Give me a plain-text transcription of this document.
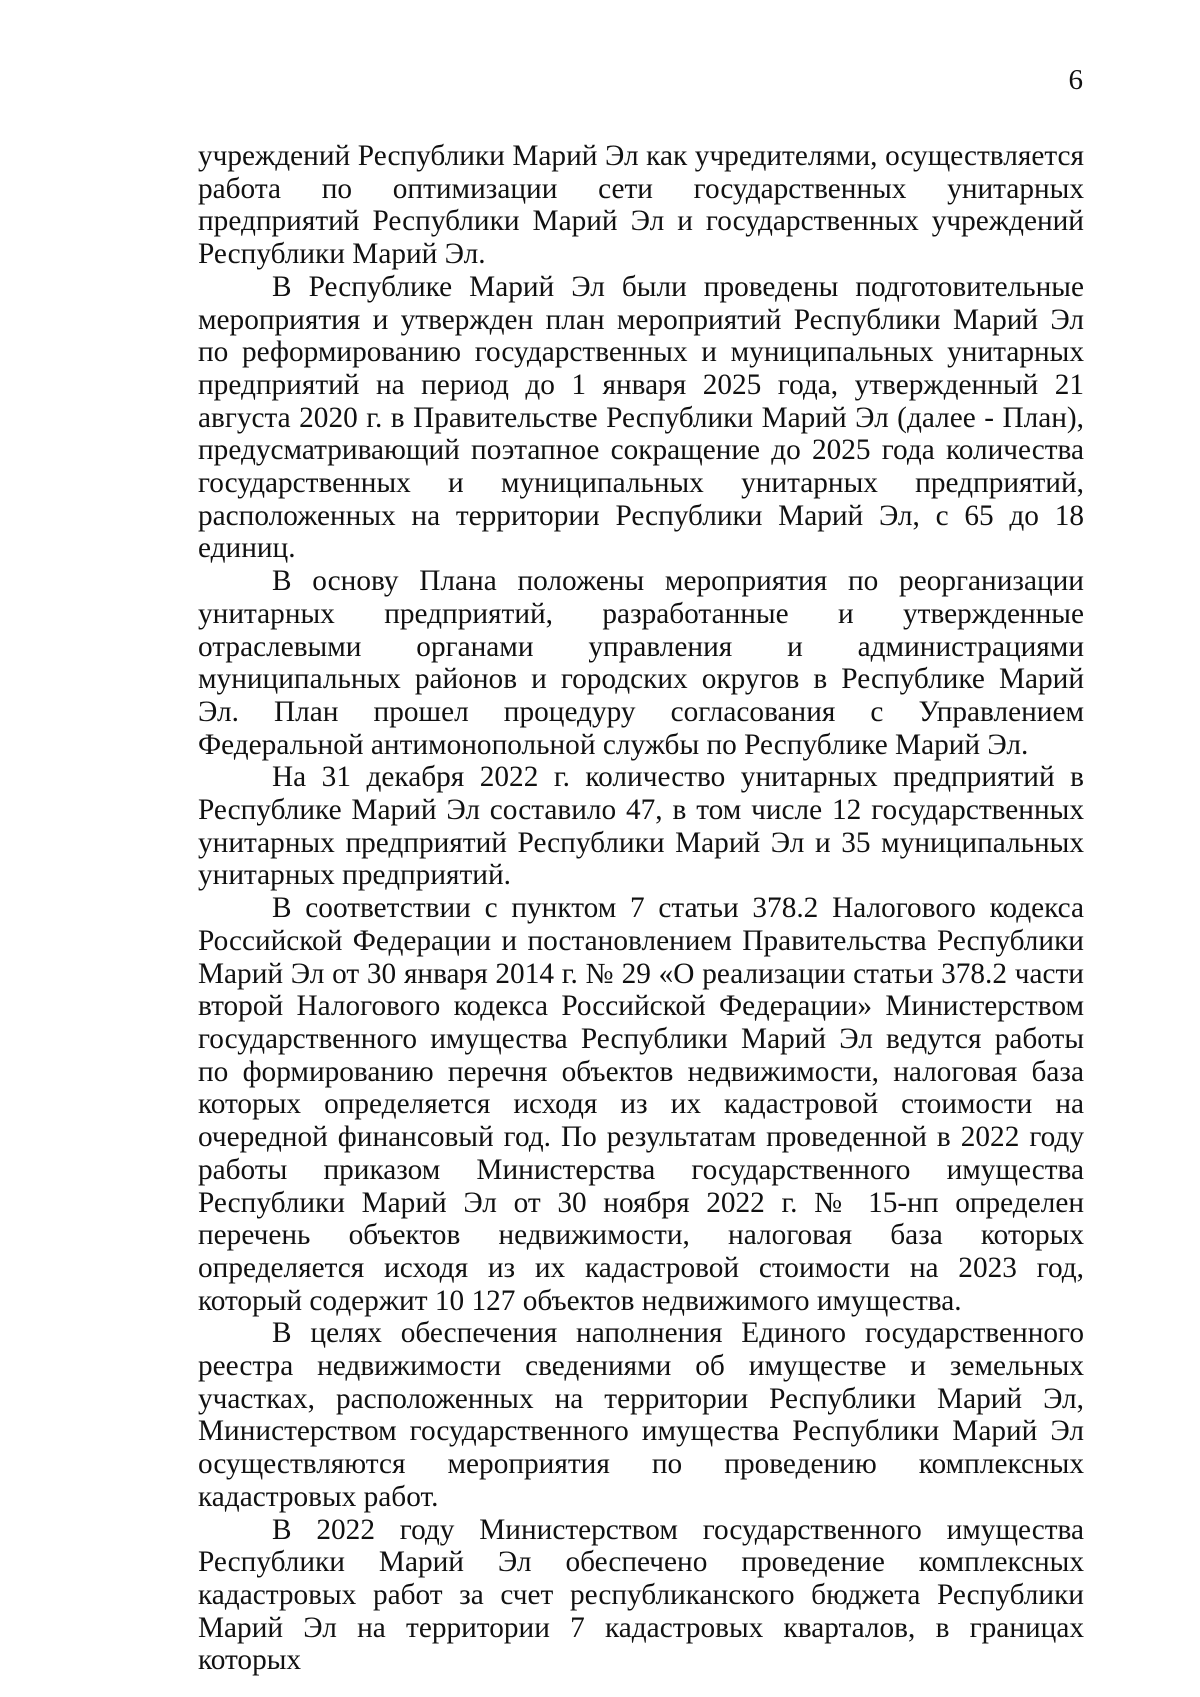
6

учреждений Республики Марий Эл как учредителями, осуществляется работа по оптимизации сети государственных унитарных предприятий Республики Марий Эл и государственных учреждений Республики Марий Эл.

В Республике Марий Эл были проведены подготовительные мероприятия и утвержден план мероприятий Республики Марий Эл по реформированию государственных и муниципальных унитарных предприятий на период до 1 января 2025 года, утвержденный 21 августа 2020 г. в Правительстве Республики Марий Эл (далее - План), предусматривающий поэтапное сокращение до 2025 года количества государственных и муниципальных унитарных предприятий, расположенных на территории Республики Марий Эл, с 65 до 18 единиц.

В основу Плана положены мероприятия по реорганизации унитарных предприятий, разработанные и утвержденные отраслевыми органами управления и администрациями муниципальных районов и городских округов в Республике Марий Эл. План прошел процедуру согласования с Управлением Федеральной антимонопольной службы по Республике Марий Эл.

На 31 декабря 2022 г. количество унитарных предприятий в Республике Марий Эл составило 47, в том числе 12 государственных унитарных предприятий Республики Марий Эл и 35 муниципальных унитарных предприятий.

В соответствии с пунктом 7 статьи 378.2 Налогового кодекса Российской Федерации и постановлением Правительства Республики Марий Эл от 30 января 2014 г. № 29 «О реализации статьи 378.2 части второй Налогового кодекса Российской Федерации» Министерством государственного имущества Республики Марий Эл ведутся работы по формированию перечня объектов недвижимости, налоговая база которых определяется исходя из их кадастровой стоимости на очередной финансовый год. По результатам проведенной в 2022 году работы приказом Министерства государственного имущества Республики Марий Эл от 30 ноября 2022 г. № 15-нп определен перечень объектов недвижимости, налоговая база которых определяется исходя из их кадастровой стоимости на 2023 год, который содержит 10 127 объектов недвижимого имущества.

В целях обеспечения наполнения Единого государственного реестра недвижимости сведениями об имуществе и земельных участках, расположенных на территории Республики Марий Эл, Министерством государственного имущества Республики Марий Эл осуществляются мероприятия по проведению комплексных кадастровых работ.

В 2022 году Министерством государственного имущества Республики Марий Эл обеспечено проведение комплексных кадастровых работ за счет республиканского бюджета Республики Марий Эл на территории 7 кадастровых кварталов, в границах которых
